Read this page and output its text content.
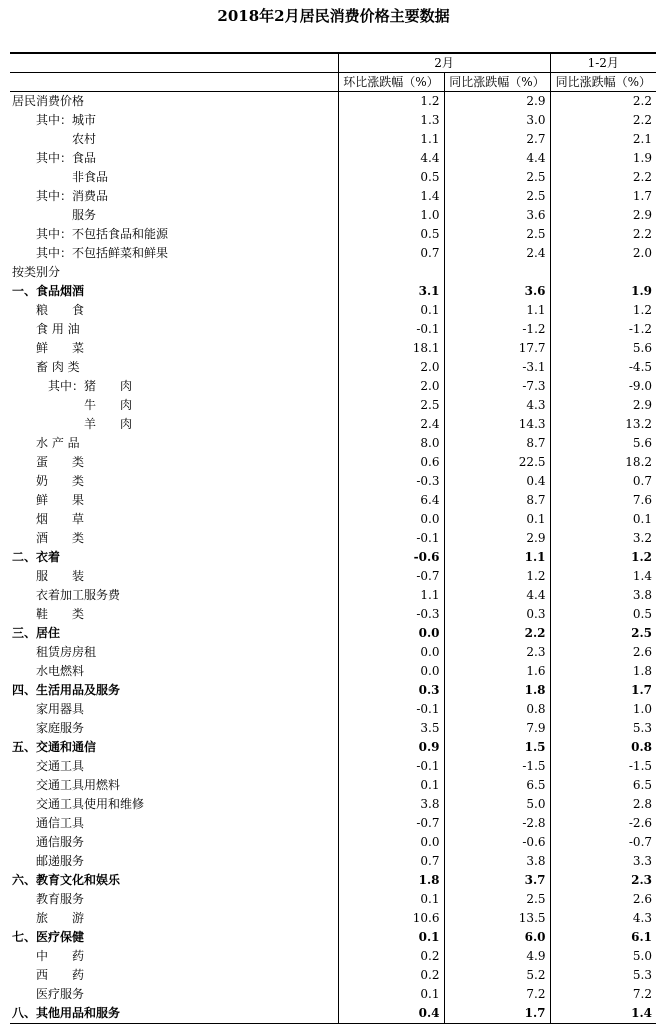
2018年2月居民消费价格主要数据
	2月		1-2月
	环比涨跌幅（%）	同比涨跌幅（%）	同比涨跌幅（%）
居民消费价格	1.2	2.9	2.2
其中：城市	1.3	3.0	2.2
农村	1.1	2.7	2.1
其中：食品	4.4	4.4	1.9
非食品	0.5	2.5	2.2
其中：消费品	1.4	2.5	1.7
服务	1.0	3.6	2.9
其中：不包括食品和能源	0.5	2.5	2.2
其中：不包括鲜菜和鲜果	0.7	2.4	2.0
按类别分			
一、食品烟酒	3.1	3.6	1.9
粮　　食	0.1	1.1	1.2
食 用 油	-0.1	-1.2	-1.2
鲜　　菜	18.1	17.7	5.6
畜 肉 类	2.0	-3.1	-4.5
其中：猪　　肉	2.0	-7.3	-9.0
牛　　肉	2.5	4.3	2.9
羊　　肉	2.4	14.3	13.2
水 产 品	8.0	8.7	5.6
蛋　　类	0.6	22.5	18.2
奶　　类	-0.3	0.4	0.7
鲜　　果	6.4	8.7	7.6
烟　　草	0.0	0.1	0.1
酒　　类	-0.1	2.9	3.2
二、衣着	-0.6	1.1	1.2
服　　装	-0.7	1.2	1.4
衣着加工服务费	1.1	4.4	3.8
鞋　　类	-0.3	0.3	0.5
三、居住	0.0	2.2	2.5
租赁房房租	0.0	2.3	2.6
水电燃料	0.0	1.6	1.8
四、生活用品及服务	0.3	1.8	1.7
家用器具	-0.1	0.8	1.0
家庭服务	3.5	7.9	5.3
五、交通和通信	0.9	1.5	0.8
交通工具	-0.1	-1.5	-1.5
交通工具用燃料	0.1	6.5	6.5
交通工具使用和维修	3.8	5.0	2.8
通信工具	-0.7	-2.8	-2.6
通信服务	0.0	-0.6	-0.7
邮递服务	0.7	3.8	3.3
六、教育文化和娱乐	1.8	3.7	2.3
教育服务	0.1	2.5	2.6
旅　　游	10.6	13.5	4.3
七、医疗保健	0.1	6.0	6.1
中　　药	0.2	4.9	5.0
西　　药	0.2	5.2	5.3
医疗服务	0.1	7.2	7.2
八、其他用品和服务	0.4	1.7	1.4
